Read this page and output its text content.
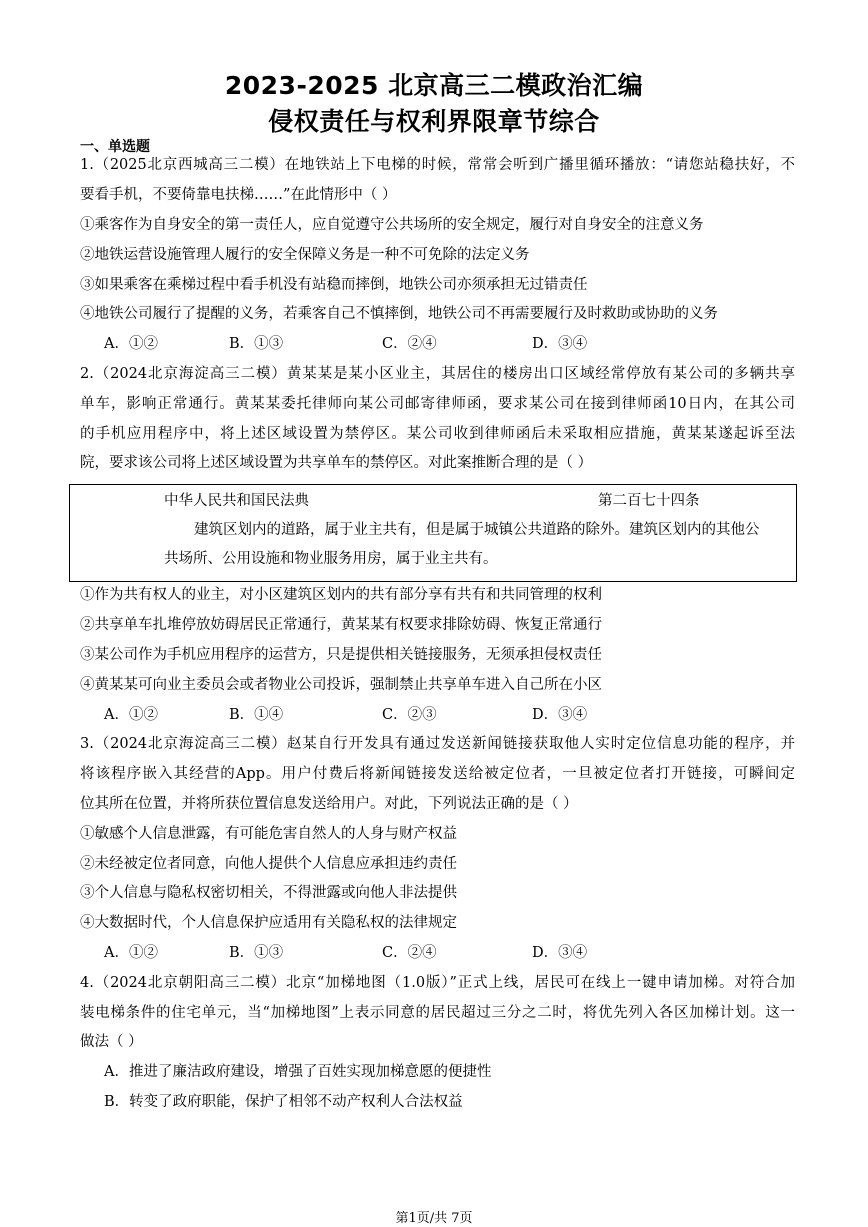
2023-2025 北京高三二模政治汇编
侵权责任与权利界限章节综合
一、单选题
1.（2025北京西城高三二模）在地铁站上下电梯的时候，常常会听到广播里循环播放：“请您站稳扶好，不
要看手机，不要倚靠电扶梯……”在此情形中（ ）
①乘客作为自身安全的第一责任人，应自觉遵守公共场所的安全规定，履行对自身安全的注意义务
②地铁运营设施管理人履行的安全保障义务是一种不可免除的法定义务
③如果乘客在乘梯过程中看手机没有站稳而摔倒，地铁公司亦须承担无过错责任
④地铁公司履行了提醒的义务，若乘客自己不慎摔倒，地铁公司不再需要履行及时救助或协助的义务
A．①②	B．①③	C．②④	D．③④
2.（2024北京海淀高三二模）黄某某是某小区业主，其居住的楼房出口区域经常停放有某公司的多辆共享
单车，影响正常通行。黄某某委托律师向某公司邮寄律师函，要求某公司在接到律师函10日内，在其公司
的手机应用程序中，将上述区域设置为禁停区。某公司收到律师函后未采取相应措施，黄某某遂起诉至法
院，要求该公司将上述区域设置为共享单车的禁停区。对此案推断合理的是（ ）
中华人民共和国民法典	第二百七十四条
建筑区划内的道路，属于业主共有，但是属于城镇公共道路的除外。建筑区划内的其他公
共场所、公用设施和物业服务用房，属于业主共有。
①作为共有权人的业主，对小区建筑区划内的共有部分享有共有和共同管理的权利
②共享单车扎堆停放妨碍居民正常通行，黄某某有权要求排除妨碍、恢复正常通行
③某公司作为手机应用程序的运营方，只是提供相关链接服务，无须承担侵权责任
④黄某某可向业主委员会或者物业公司投诉，强制禁止共享单车进入自己所在小区
A．①②	B．①④	C．②③	D．③④
3.（2024北京海淀高三二模）赵某自行开发具有通过发送新闻链接获取他人实时定位信息功能的程序，并
将该程序嵌入其经营的App。用户付费后将新闻链接发送给被定位者，一旦被定位者打开链接，可瞬间定
位其所在位置，并将所获位置信息发送给用户。对此，下列说法正确的是（ ）
①敏感个人信息泄露，有可能危害自然人的人身与财产权益
②未经被定位者同意，向他人提供个人信息应承担违约责任
③个人信息与隐私权密切相关，不得泄露或向他人非法提供
④大数据时代，个人信息保护应适用有关隐私权的法律规定
A．①②	B．①③	C．②④	D．③④
4.（2024北京朝阳高三二模）北京“加梯地图（1.0版）”正式上线，居民可在线上一键申请加梯。对符合加
装电梯条件的住宅单元，当“加梯地图”上表示同意的居民超过三分之二时，将优先列入各区加梯计划。这一
做法（ ）
A．推进了廉洁政府建设，增强了百姓实现加梯意愿的便捷性
B．转变了政府职能，保护了相邻不动产权利人合法权益
第1页/共 7页
